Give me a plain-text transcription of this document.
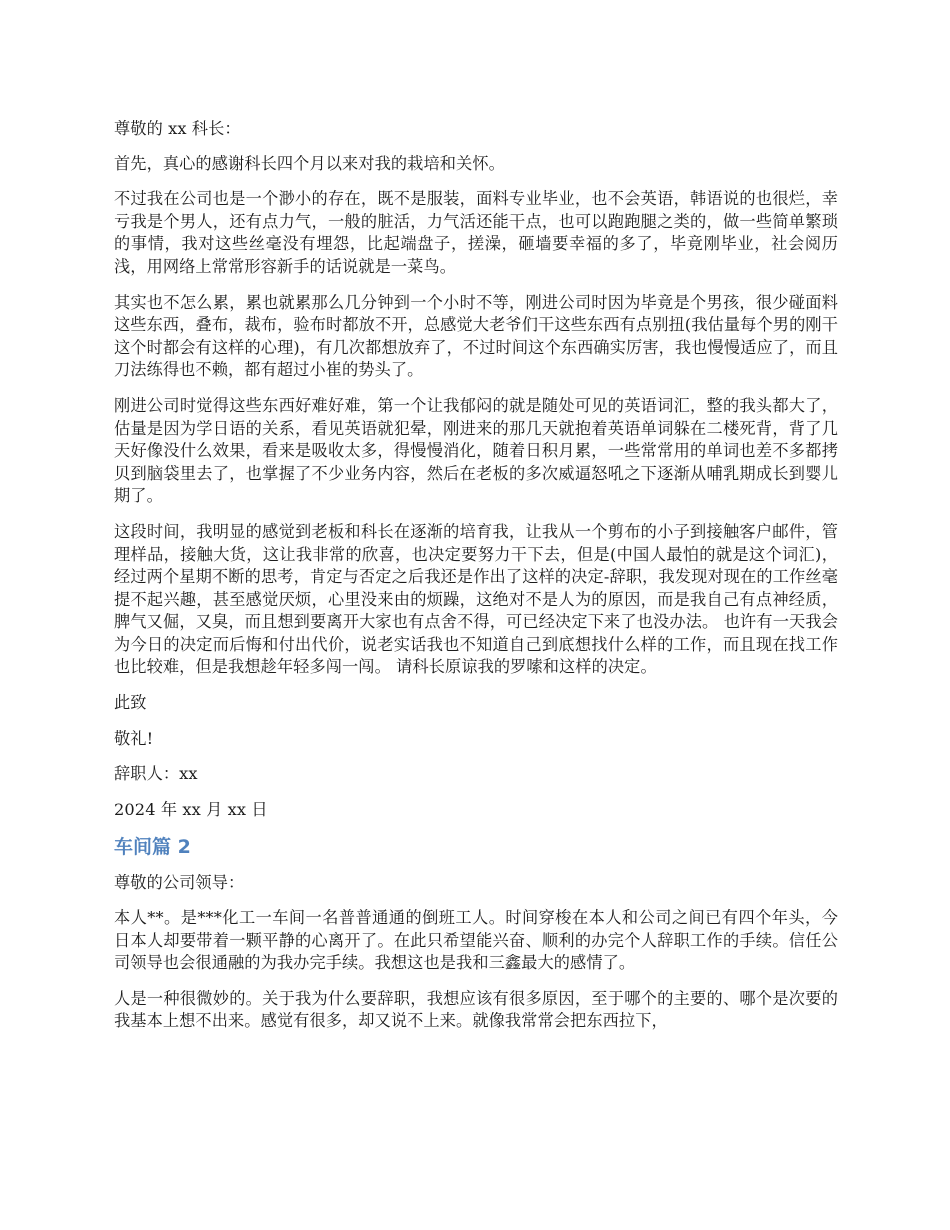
尊敬的 xx 科长：

首先，真心的感谢科长四个月以来对我的栽培和关怀。

不过我在公司也是一个渺小的存在，既不是服装，面料专业毕业，也不会英语，韩语说的也很烂，幸亏我是个男人，还有点力气，一般的脏活，力气活还能干点，也可以跑跑腿之类的，做一些简单繁琐的事情，我对这些丝毫没有埋怨，比起端盘子，搓澡，砸墙要幸福的多了，毕竟刚毕业，社会阅历浅，用网络上常常形容新手的话说就是一菜鸟。

其实也不怎么累，累也就累那么几分钟到一个小时不等，刚进公司时因为毕竟是个男孩，很少碰面料这些东西，叠布，裁布，验布时都放不开，总感觉大老爷们干这些东西有点别扭(我估量每个男的刚干这个时都会有这样的心理)，有几次都想放弃了，不过时间这个东西确实厉害，我也慢慢适应了，而且刀法练得也不赖，都有超过小崔的势头了。

刚进公司时觉得这些东西好难好难，第一个让我郁闷的就是随处可见的英语词汇，整的我头都大了，估量是因为学日语的关系，看见英语就犯晕，刚进来的那几天就抱着英语单词躲在二楼死背，背了几天好像没什么效果，看来是吸收太多，得慢慢消化，随着日积月累，一些常常用的单词也差不多都拷贝到脑袋里去了，也掌握了不少业务内容，然后在老板的多次威逼怒吼之下逐渐从哺乳期成长到婴儿期了。

这段时间，我明显的感觉到老板和科长在逐渐的培育我，让我从一个剪布的小子到接触客户邮件，管理样品，接触大货，这让我非常的欣喜，也决定要努力干下去，但是(中国人最怕的就是这个词汇)，经过两个星期不断的思考，肯定与否定之后我还是作出了这样的决定-辞职，我发现对现在的工作丝毫提不起兴趣，甚至感觉厌烦，心里没来由的烦躁，这绝对不是人为的原因，而是我自己有点神经质，脾气又倔，又臭，而且想到要离开大家也有点舍不得，可已经决定下来了也没办法。 也许有一天我会为今日的决定而后悔和付出代价，说老实话我也不知道自己到底想找什么样的工作，而且现在找工作也比较难，但是我想趁年轻多闯一闯。 请科长原谅我的罗嗦和这样的决定。

此致

敬礼!

辞职人：xx

2024 年 xx 月 xx 日

车间篇 2

尊敬的公司领导：

本人**。是***化工一车间一名普普通通的倒班工人。时间穿梭在本人和公司之间已有四个年头，今日本人却要带着一颗平静的心离开了。在此只希望能兴奋、顺利的办完个人辞职工作的手续。信任公司领导也会很通融的为我办完手续。我想这也是我和三鑫最大的感情了。

人是一种很微妙的。关于我为什么要辞职，我想应该有很多原因，至于哪个的主要的、哪个是次要的我基本上想不出来。感觉有很多，却又说不上来。就像我常常会把东西拉下，
